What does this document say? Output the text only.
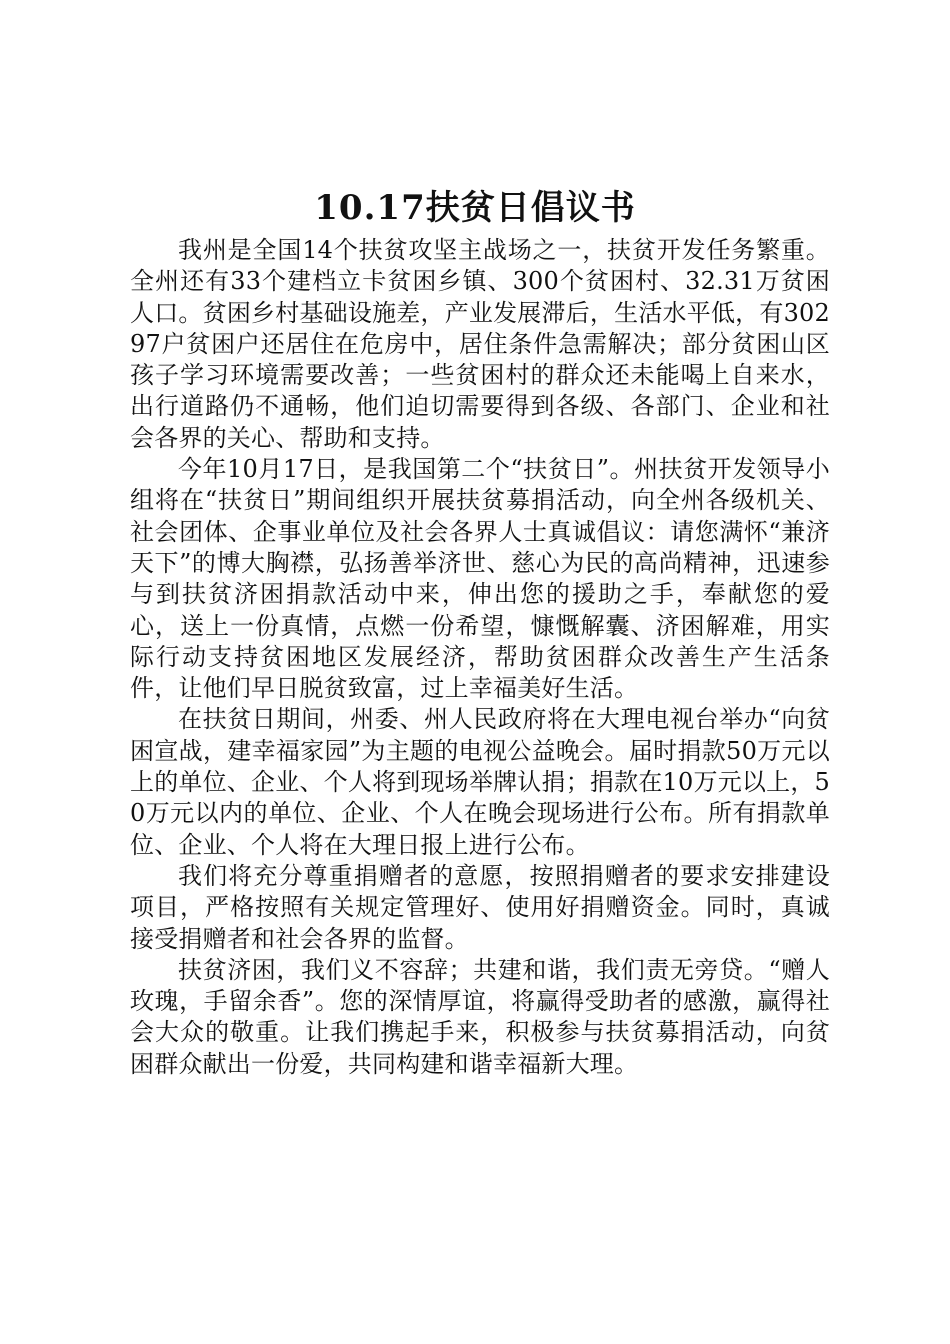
10.17扶贫日倡议书

我州是全国14个扶贫攻坚主战场之一，扶贫开发任务繁重。全州还有33个建档立卡贫困乡镇、300个贫困村、32.31万贫困人口。贫困乡村基础设施差，产业发展滞后，生活水平低，有30297户贫困户还居住在危房中，居住条件急需解决；部分贫困山区孩子学习环境需要改善；一些贫困村的群众还未能喝上自来水，出行道路仍不通畅，他们迫切需要得到各级、各部门、企业和社会各界的关心、帮助和支持。

今年10月17日，是我国第二个“扶贫日”。州扶贫开发领导小组将在“扶贫日”期间组织开展扶贫募捐活动，向全州各级机关、社会团体、企事业单位及社会各界人士真诚倡议：请您满怀“兼济天下”的博大胸襟，弘扬善举济世、慈心为民的高尚精神，迅速参与到扶贫济困捐款活动中来，伸出您的援助之手，奉献您的爱心，送上一份真情，点燃一份希望，慷慨解囊、济困解难，用实际行动支持贫困地区发展经济，帮助贫困群众改善生产生活条件，让他们早日脱贫致富，过上幸福美好生活。

在扶贫日期间，州委、州人民政府将在大理电视台举办“向贫困宣战，建幸福家园”为主题的电视公益晚会。届时捐款50万元以上的单位、企业、个人将到现场举牌认捐；捐款在10万元以上，50万元以内的单位、企业、个人在晚会现场进行公布。所有捐款单位、企业、个人将在大理日报上进行公布。

我们将充分尊重捐赠者的意愿，按照捐赠者的要求安排建设项目，严格按照有关规定管理好、使用好捐赠资金。同时，真诚接受捐赠者和社会各界的监督。

扶贫济困，我们义不容辞；共建和谐，我们责无旁贷。“赠人玫瑰，手留余香”。您的深情厚谊，将赢得受助者的感激，赢得社会大众的敬重。让我们携起手来，积极参与扶贫募捐活动，向贫困群众献出一份爱，共同构建和谐幸福新大理。
